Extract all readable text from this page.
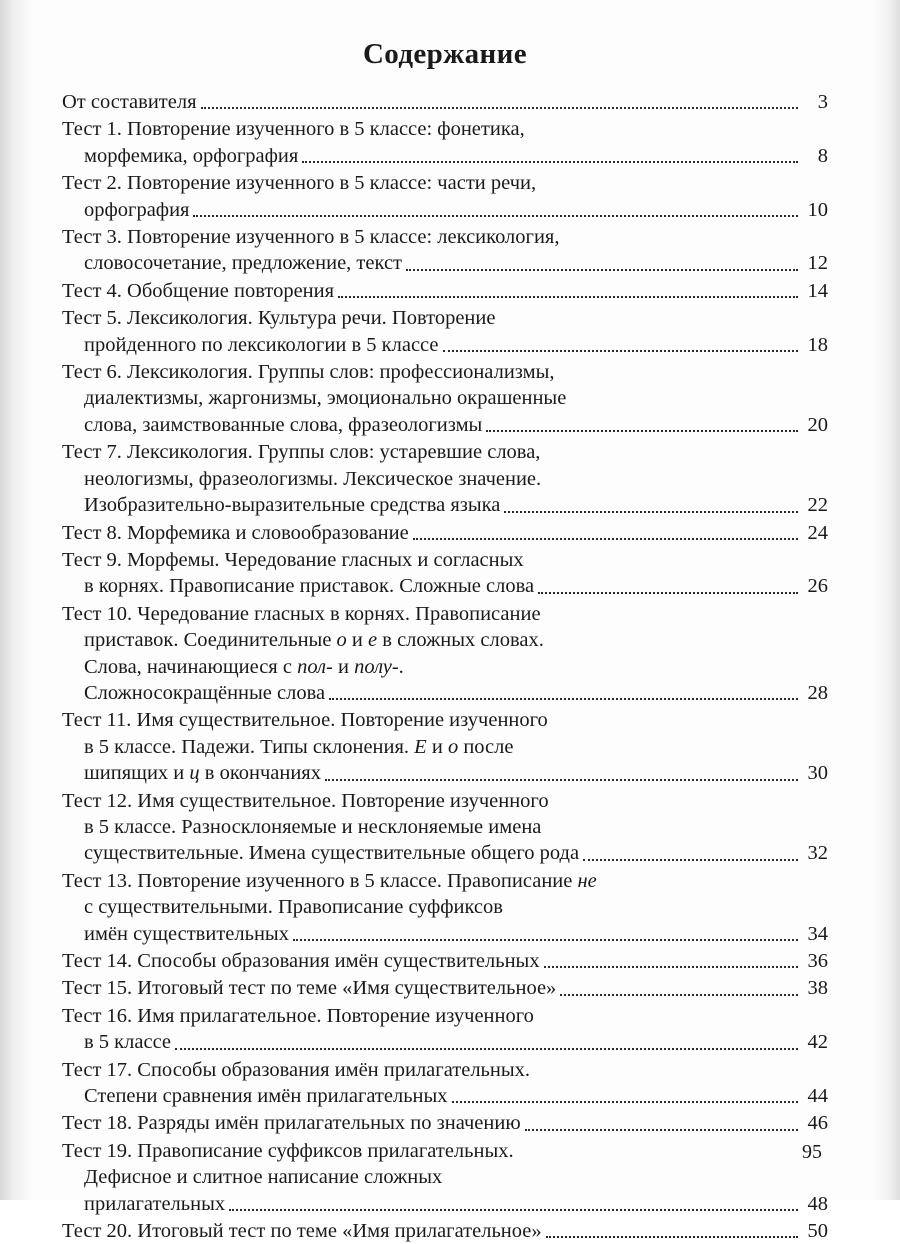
Содержание
От составителя	3
Тест 1. Повторение изученного в 5 классе: фонетика,
морфемика, орфография	8
Тест 2. Повторение изученного в 5 классе: части речи,
орфография	10
Тест 3. Повторение изученного в 5 классе: лексикология,
словосочетание, предложение, текст	12
Тест 4. Обобщение повторения	14
Тест 5. Лексикология. Культура речи. Повторение
пройденного по лексикологии в 5 классе	18
Тест 6. Лексикология. Группы слов: профессионализмы,
диалектизмы, жаргонизмы, эмоционально окрашенные
слова, заимствованные слова, фразеологизмы	20
Тест 7. Лексикология. Группы слов: устаревшие слова,
неологизмы, фразеологизмы. Лексическое значение.
Изобразительно-выразительные средства языка	22
Тест 8. Морфемика и словообразование	24
Тест 9. Морфемы. Чередование гласных и согласных
в корнях. Правописание приставок. Сложные слова	26
Тест 10. Чередование гласных в корнях. Правописание
приставок. Соединительные о и е в сложных словах.
Слова, начинающиеся с пол- и полу-.
Сложносокращённые слова	28
Тест 11. Имя существительное. Повторение изученного
в 5 классе. Падежи. Типы склонения. Е и о после
шипящих и ц в окончаниях	30
Тест 12. Имя существительное. Повторение изученного
в 5 классе. Разносклоняемые и несклоняемые имена
существительные. Имена существительные общего рода	32
Тест 13. Повторение изученного в 5 классе. Правописание не
с существительными. Правописание суффиксов
имён существительных	34
Тест 14. Способы образования имён существительных	36
Тест 15. Итоговый тест по теме «Имя существительное»	38
Тест 16. Имя прилагательное. Повторение изученного
в 5 классе	42
Тест 17. Способы образования имён прилагательных.
Степени сравнения имён прилагательных	44
Тест 18. Разряды имён прилагательных по значению	46
Тест 19. Правописание суффиксов прилагательных.
Дефисное и слитное написание сложных
прилагательных	48
Тест 20. Итоговый тест по теме «Имя прилагательное»	50
95
